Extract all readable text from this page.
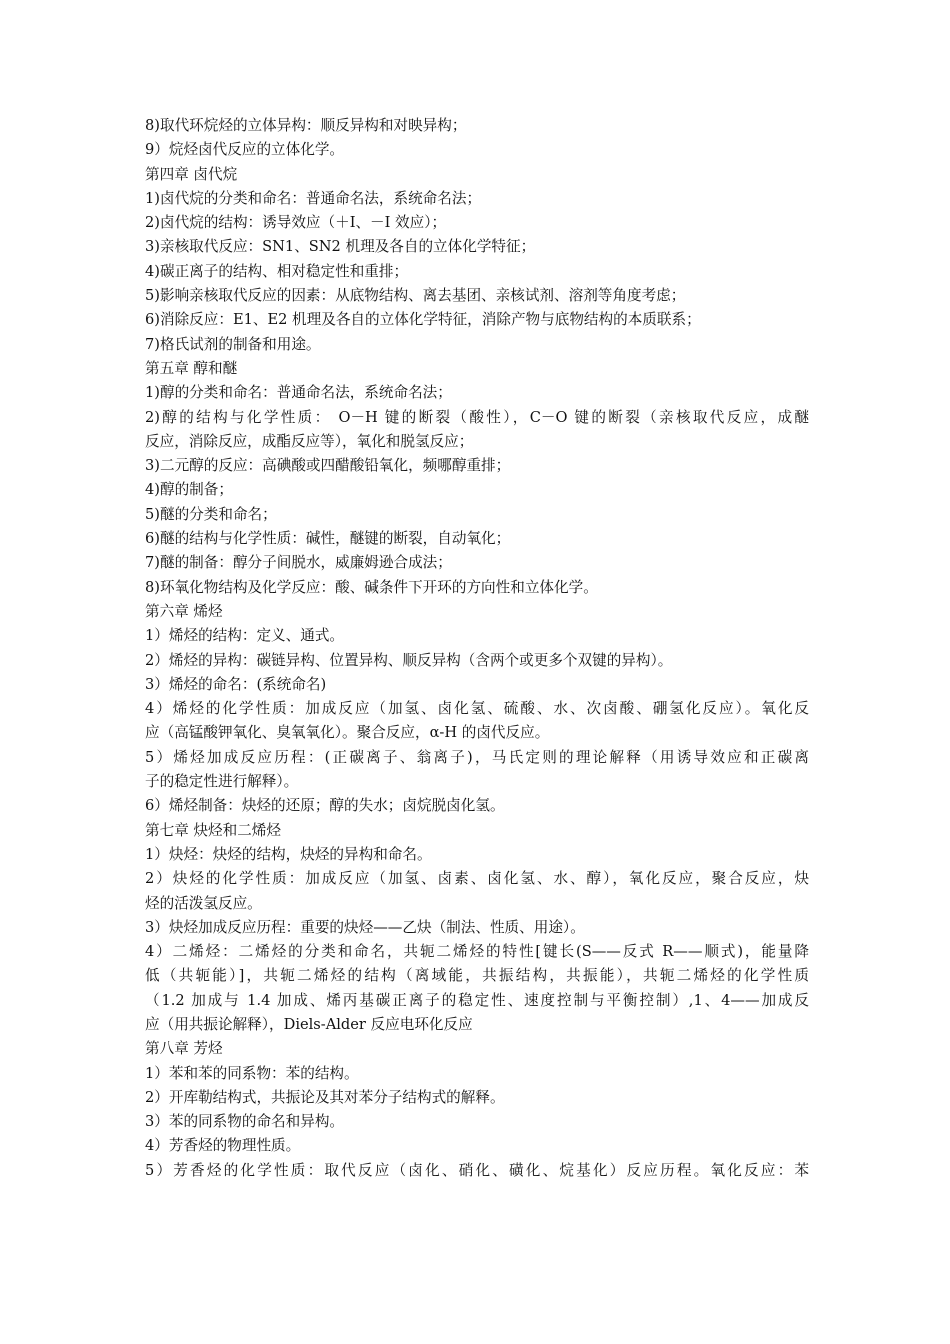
8)取代环烷烃的立体异构：顺反异构和对映异构；
9）烷烃卤代反应的立体化学。
第四章 卤代烷
1)卤代烷的分类和命名：普通命名法，系统命名法；
2)卤代烷的结构：诱导效应（＋I、－I 效应）；
3)亲核取代反应：SN1、SN2 机理及各自的立体化学特征；
4)碳正离子的结构、相对稳定性和重排；
5)影响亲核取代反应的因素：从底物结构、离去基团、亲核试剂、溶剂等角度考虑；
6)消除反应：E1、E2 机理及各自的立体化学特征，消除产物与底物结构的本质联系；
7)格氏试剂的制备和用途。
第五章 醇和醚
1)醇的分类和命名：普通命名法，系统命名法；
2)醇的结构与化学性质： O－H 键的断裂（酸性），C－O 键的断裂（亲核取代反应，成醚
反应，消除反应，成酯反应等），氧化和脱氢反应；
3)二元醇的反应：高碘酸或四醋酸铅氧化，频哪醇重排；
4)醇的制备；
5)醚的分类和命名；
6)醚的结构与化学性质：碱性，醚键的断裂，自动氧化；
7)醚的制备：醇分子间脱水，威廉姆逊合成法；
8)环氧化物结构及化学反应：酸、碱条件下开环的方向性和立体化学。
第六章 烯烃
1）烯烃的结构：定义、通式。
2）烯烃的异构：碳链异构、位置异构、顺反异构（含两个或更多个双键的异构）。
3）烯烃的命名：(系统命名)
4）烯烃的化学性质：加成反应（加氢、卤化氢、硫酸、水、次卤酸、硼氢化反应）。氧化反
应（高锰酸钾氧化、臭氧氧化）。聚合反应，α-H 的卤代反应。
5）烯烃加成反应历程：(正碳离子、翁离子)，马氏定则的理论解释（用诱导效应和正碳离
子的稳定性进行解释）。
6）烯烃制备：炔烃的还原；醇的失水；卤烷脱卤化氢。
第七章 炔烃和二烯烃
1）炔烃：炔烃的结构，炔烃的异构和命名。
2）炔烃的化学性质：加成反应（加氢、卤素、卤化氢、水、醇），氧化反应，聚合反应，炔
烃的活泼氢反应。
3）炔烃加成反应历程：重要的炔烃——乙炔（制法、性质、用途）。
4）二烯烃：二烯烃的分类和命名，共轭二烯烃的特性[键长(S——反式 R——顺式)，能量降
低（共轭能）]，共轭二烯烃的结构（离域能，共振结构，共振能），共轭二烯烃的化学性质
（1.2 加成与 1.4 加成、烯丙基碳正离子的稳定性、速度控制与平衡控制）,1、4——加成反
应（用共振论解释），Diels-Alder 反应电环化反应
第八章 芳烃
1）苯和苯的同系物：苯的结构。
2）开库勒结构式，共振论及其对苯分子结构式的解释。
3）苯的同系物的命名和异构。
4）芳香烃的物理性质。
5）芳香烃的化学性质：取代反应（卤化、硝化、磺化、烷基化）反应历程。氧化反应：苯
